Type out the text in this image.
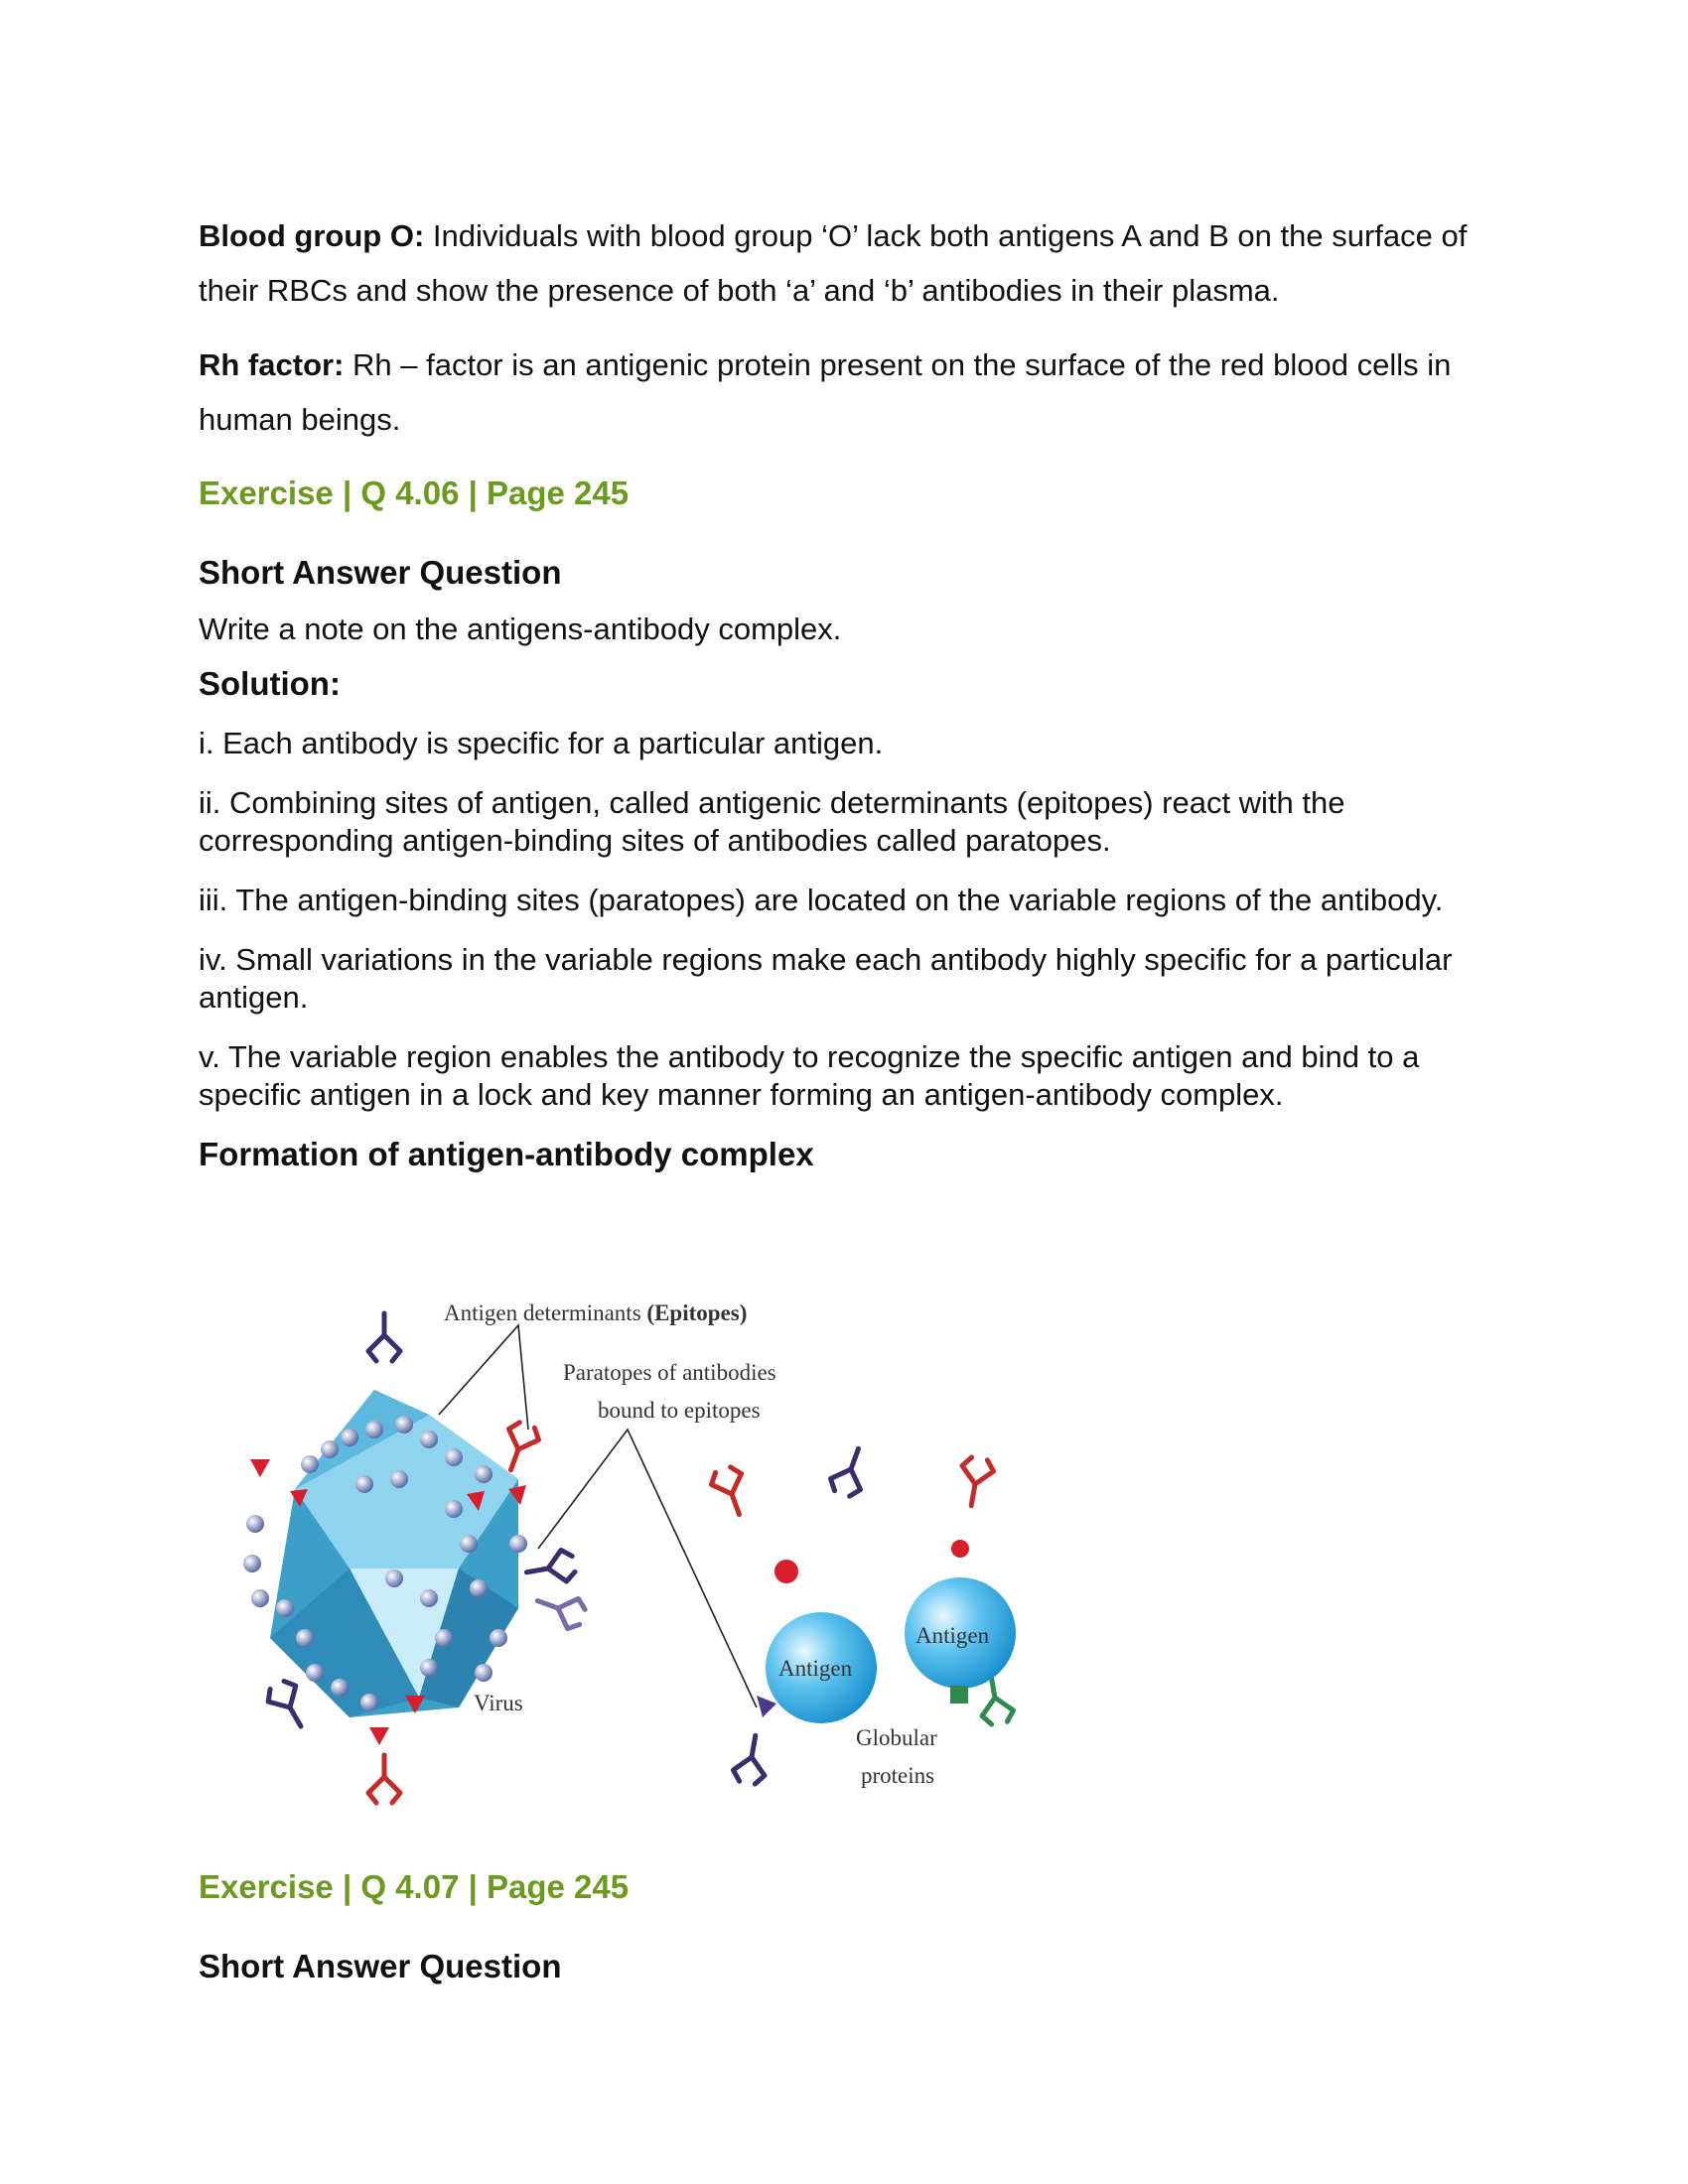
Blood group O: Individuals with blood group ‘O’ lack both antigens A and B on the surface of their RBCs and show the presence of both ‘a’ and ‘b’ antibodies in their plasma.

Rh factor: Rh – factor is an antigenic protein present on the surface of the red blood cells in human beings.

Exercise | Q 4.06 | Page 245

Short Answer Question

Write a note on the antigens-antibody complex.

Solution:

i. Each antibody is specific for a particular antigen.

ii. Combining sites of antigen, called antigenic determinants (epitopes) react with the corresponding antigen-binding sites of antibodies called paratopes.

iii. The antigen-binding sites (paratopes) are located on the variable regions of the antibody.

iv. Small variations in the variable regions make each antibody highly specific for a particular antigen.

v. The variable region enables the antibody to recognize the specific antigen and bind to a specific antigen in a lock and key manner forming an antigen-antibody complex.

Formation of antigen-antibody complex

Antigen determinants (Epitopes)
Paratopes of antibodies
bound to epitopes
Virus
Antigen
Antigen
Globular
proteins

Exercise | Q 4.07 | Page 245

Short Answer Question
